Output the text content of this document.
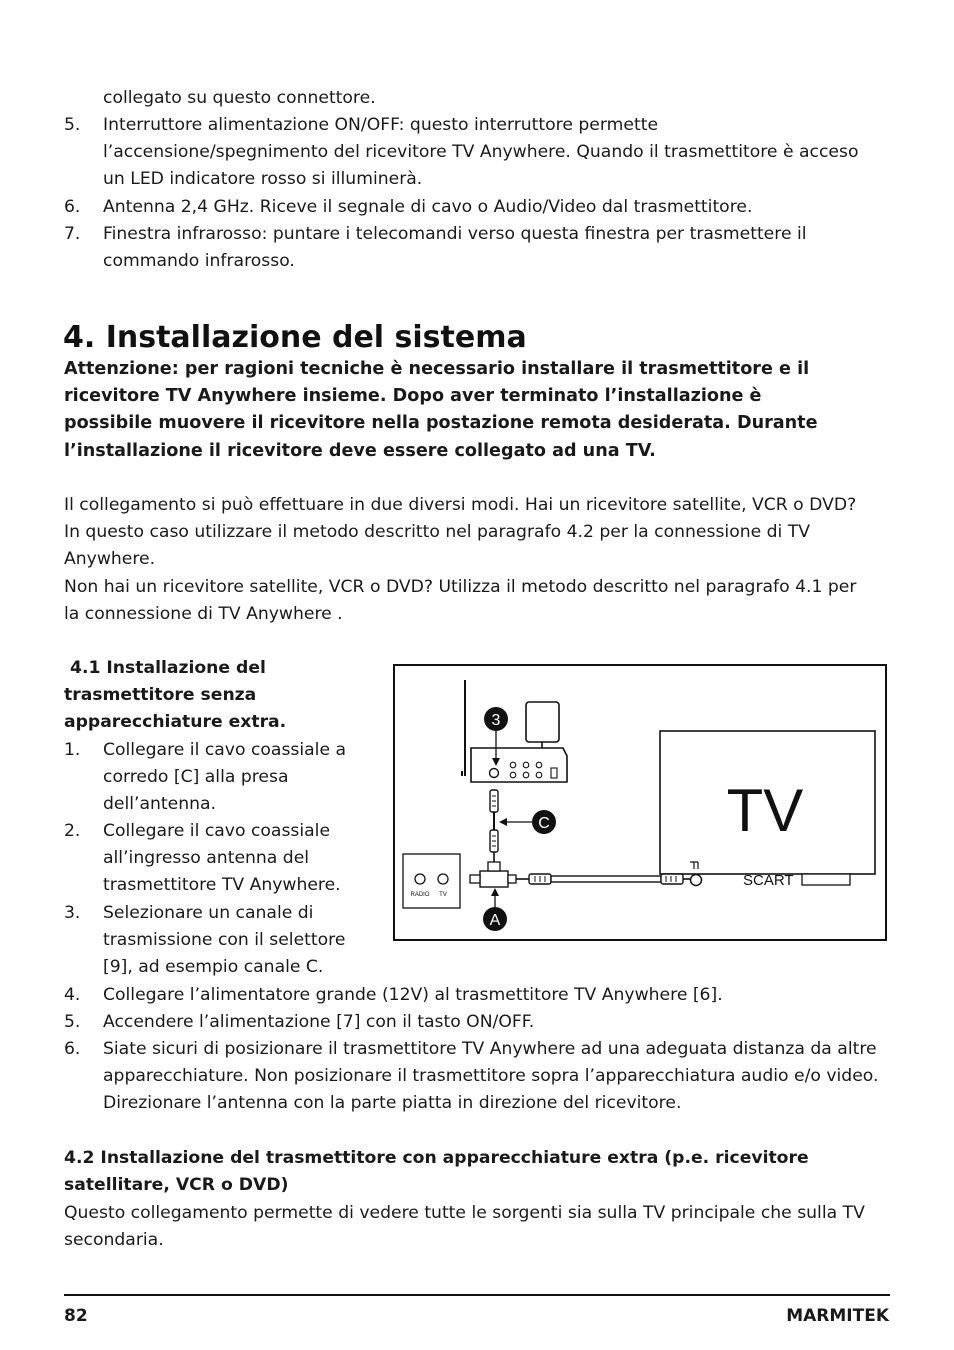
collegato su questo connettore.
5.	Interruttore alimentazione ON/OFF: questo interruttore permette
l’accensione/spegnimento del ricevitore TV Anywhere. Quando il trasmettitore è acceso
un LED indicatore rosso si illuminerà.
6.	Antenna 2,4 GHz. Riceve il segnale di cavo o Audio/Video dal trasmettitore.
7.	Finestra infrarosso: puntare i telecomandi verso questa finestra per trasmettere il
commando infrarosso.
4. Installazione del sistema
Attenzione: per ragioni tecniche è necessario installare il trasmettitore e il
ricevitore TV Anywhere insieme. Dopo aver terminato l’installazione è
possibile muovere il ricevitore nella postazione remota desiderata. Durante
l’installazione il ricevitore deve essere collegato ad una TV.
Il collegamento si può effettuare in due diversi modi. Hai un ricevitore satellite, VCR o DVD?
In questo caso utilizzare il metodo descritto nel paragrafo 4.2 per la connessione di TV
Anywhere.
Non hai un ricevitore satellite, VCR o DVD? Utilizza il metodo descritto nel paragrafo 4.1 per
la connessione di TV Anywhere .
4.1 Installazione del
trasmettitore senza
apparecchiature extra.
1.	Collegare il cavo coassiale a
corredo [C] alla presa
dell’antenna.
2.	Collegare il cavo coassiale
all’ingresso antenna del
trasmettitore TV Anywhere.
3.	Selezionare un canale di
trasmissione con il selettore
[9], ad esempio canale C.
4.	Collegare l’alimentatore grande (12V) al trasmettitore TV Anywhere [6].
5.	Accendere l’alimentazione [7] con il tasto ON/OFF.
6.	Siate sicuri di posizionare il trasmettitore TV Anywhere ad una adeguata distanza da altre
apparecchiature. Non posizionare il trasmettitore sopra l’apparecchiatura audio e/o video.
Direzionare l’antenna con la parte piatta in direzione del ricevitore.
TV
SCART
3
C
RADIO TV
A
4.2 Installazione del trasmettitore con apparecchiature extra (p.e. ricevitore
satellitare, VCR o DVD)
Questo collegamento permette di vedere tutte le sorgenti sia sulla TV principale che sulla TV
secondaria.
82	MARMITEK
